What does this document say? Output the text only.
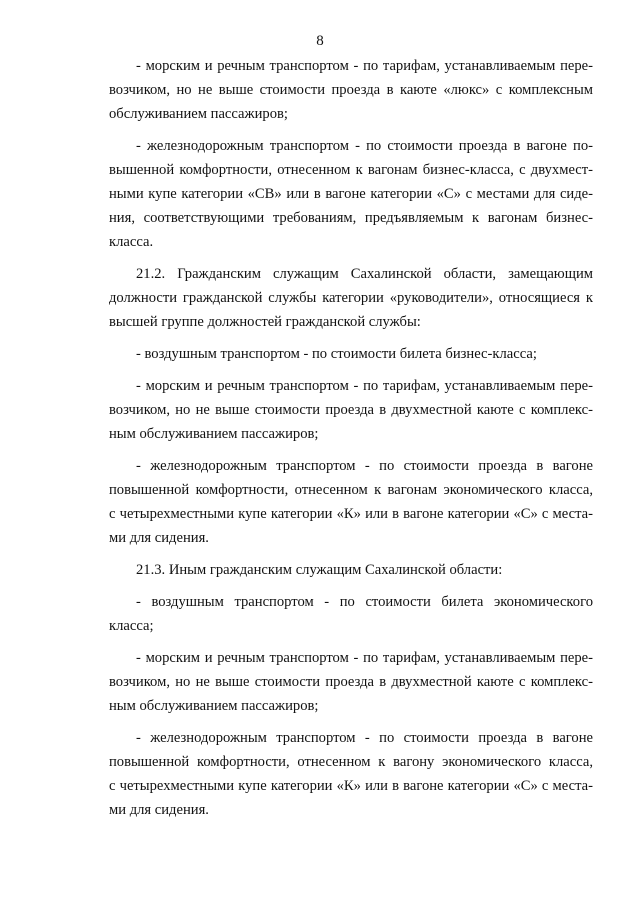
8
- морским и речным транспортом - по тарифам, устанавливаемым пере-
возчиком, но не выше стоимости проезда в каюте «люкс» с комплексным
обслуживанием пассажиров;
- железнодорожным транспортом - по стоимости проезда в вагоне по-
вышенной комфортности, отнесенном к вагонам бизнес-класса, с двухмест-
ными купе категории «СВ» или в вагоне категории «С» с местами для сиде-
ния, соответствующими требованиям, предъявляемым к вагонам бизнес-
класса.
21.2. Гражданским служащим Сахалинской области, замещающим
должности гражданской службы категории «руководители», относящиеся к
высшей группе должностей гражданской службы:
- воздушным транспортом - по стоимости билета бизнес-класса;
- морским и речным транспортом - по тарифам, устанавливаемым пере-
возчиком, но не выше стоимости проезда в двухместной каюте с комплекс-
ным обслуживанием пассажиров;
- железнодорожным транспортом - по стоимости проезда в вагоне
повышенной комфортности, отнесенном к вагонам экономического класса,
с четырехместными купе категории «К» или в вагоне категории «С» с места-
ми для сидения.
21.3. Иным гражданским служащим Сахалинской области:
- воздушным транспортом - по стоимости билета экономического
класса;
- морским и речным транспортом - по тарифам, устанавливаемым пере-
возчиком, но не выше стоимости проезда в двухместной каюте с комплекс-
ным обслуживанием пассажиров;
- железнодорожным транспортом - по стоимости проезда в вагоне
повышенной комфортности, отнесенном к вагону экономического класса,
с четырехместными купе категории «К» или в вагоне категории «С» с места-
ми для сидения.
